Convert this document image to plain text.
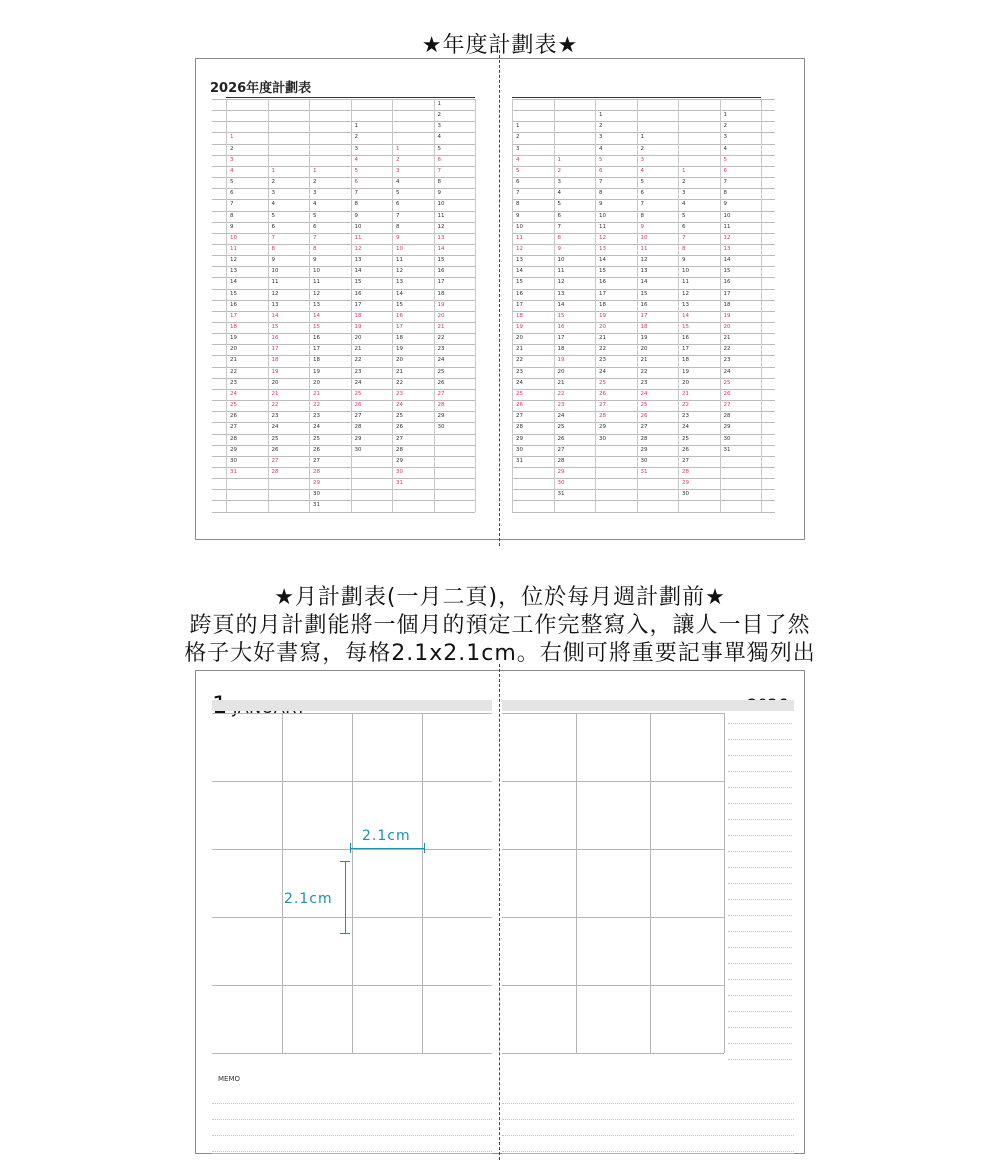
★年度計劃表★
★月計劃表(一月二頁)，位於每月週計劃前★
跨頁的月計劃能將一個月的預定工作完整寫入，讓人一目了然
格子大好書寫，每格2.1x2.1cm。右側可將重要記事單獨列出
2026年度計劃表
1
2
3
4
5
6
7
8
9
10
11
12
13
14
15
16
17
18
19
20
21
22
23
24
25
26
27
28
29
30
31
1
2
3
4
5
6
7
8
9
10
11
12
13
14
15
16
17
18
19
20
21
22
23
24
25
26
27
28
1
2
3
4
5
6
7
8
9
10
11
12
13
14
15
16
17
18
19
20
21
22
23
24
25
26
27
28
29
30
31
1
2
3
4
5
6
7
8
9
10
11
12
13
14
15
16
17
18
19
20
21
22
23
24
25
26
27
28
29
30
1
2
3
4
5
6
7
8
9
10
11
12
13
14
15
16
17
18
19
20
21
22
23
24
25
26
27
28
29
30
31
1
2
3
4
5
6
7
8
9
10
11
12
13
14
15
16
17
18
19
20
21
22
23
24
25
26
27
28
29
30
1
2
3
4
5
6
7
8
9
10
11
12
13
14
15
16
17
18
19
20
21
22
23
24
25
26
27
28
29
30
31
1
2
3
4
5
6
7
8
9
10
11
12
13
14
15
16
17
18
19
20
21
22
23
24
25
26
27
28
29
30
31
1
2
3
4
5
6
7
8
9
10
11
12
13
14
15
16
17
18
19
20
21
22
23
24
25
26
27
28
29
30
1
2
3
4
5
6
7
8
9
10
11
12
13
14
15
16
17
18
19
20
21
22
23
24
25
26
27
28
29
30
31
1
2
3
4
5
6
7
8
9
10
11
12
13
14
15
16
17
18
19
20
21
22
23
24
25
26
27
28
29
30
1
2
3
4
5
6
7
8
9
10
11
12
13
14
15
16
17
18
19
20
21
22
23
24
25
26
27
28
29
30
31
MEMO
2.1cm
2.1cm
